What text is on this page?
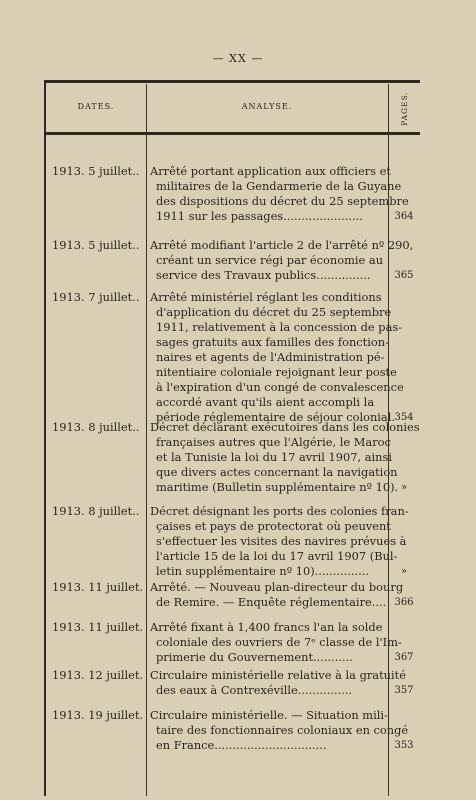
— XX —
DATES.	ANALYSE.	PAGES.
1913. 5 juillet.. Arrêté portant application aux officiers et
militaires de la Gendarmerie de la Guyane
des dispositions du décret du 25 septembre
1911 sur les passages......................	364
1913. 5 juillet.. Arrêté modifiant l'article 2 de l'arrêté nº 290,
créant un service régi par économie au
service des Travaux publics...............	365
1913. 7 juillet.. Arrêté ministériel réglant les conditions
d'application du décret du 25 septembre
1911, relativement à la concession de pas-
sages gratuits aux familles des fonction-
naires et agents de l'Administration pé-
nitentiaire coloniale rejoignant leur poste
à l'expiration d'un congé de convalescence
accordé avant qu'ils aient accompli la
période réglementaire de séjour colonial. 354
1913. 8 juillet.. Décret déclarant exécutoires dans les colonies
françaises autres que l'Algérie, le Maroc
et la Tunisie la loi du 17 avril 1907, ainsi
que divers actes concernant la navigation
maritime (Bulletin supplémentaire nº 10). »
1913. 8 juillet.. Décret désignant les ports des colonies fran-
çaises et pays de protectorat où peuvent
s'effectuer les visites des navires prévues à
l'article 15 de la loi du 17 avril 1907 (Bul-
letin supplémentaire nº 10)...............	»
1913. 11 juillet. Arrêté. — Nouveau plan-directeur du bourg
de Remire. — Enquête réglementaire.... 366
1913. 11 juillet. Arrêté fixant à 1,400 francs l'an la solde
coloniale des ouvriers de 7ᵉ classe de l'Im-
primerie du Gouvernement...........	367
1913. 12 juillet. Circulaire ministérielle relative à la gratuité
des eaux à Contrexéville...............	357
1913. 19 juillet. Circulaire ministérielle. — Situation mili-
taire des fonctionnaires coloniaux en congé
en France...............................	353
